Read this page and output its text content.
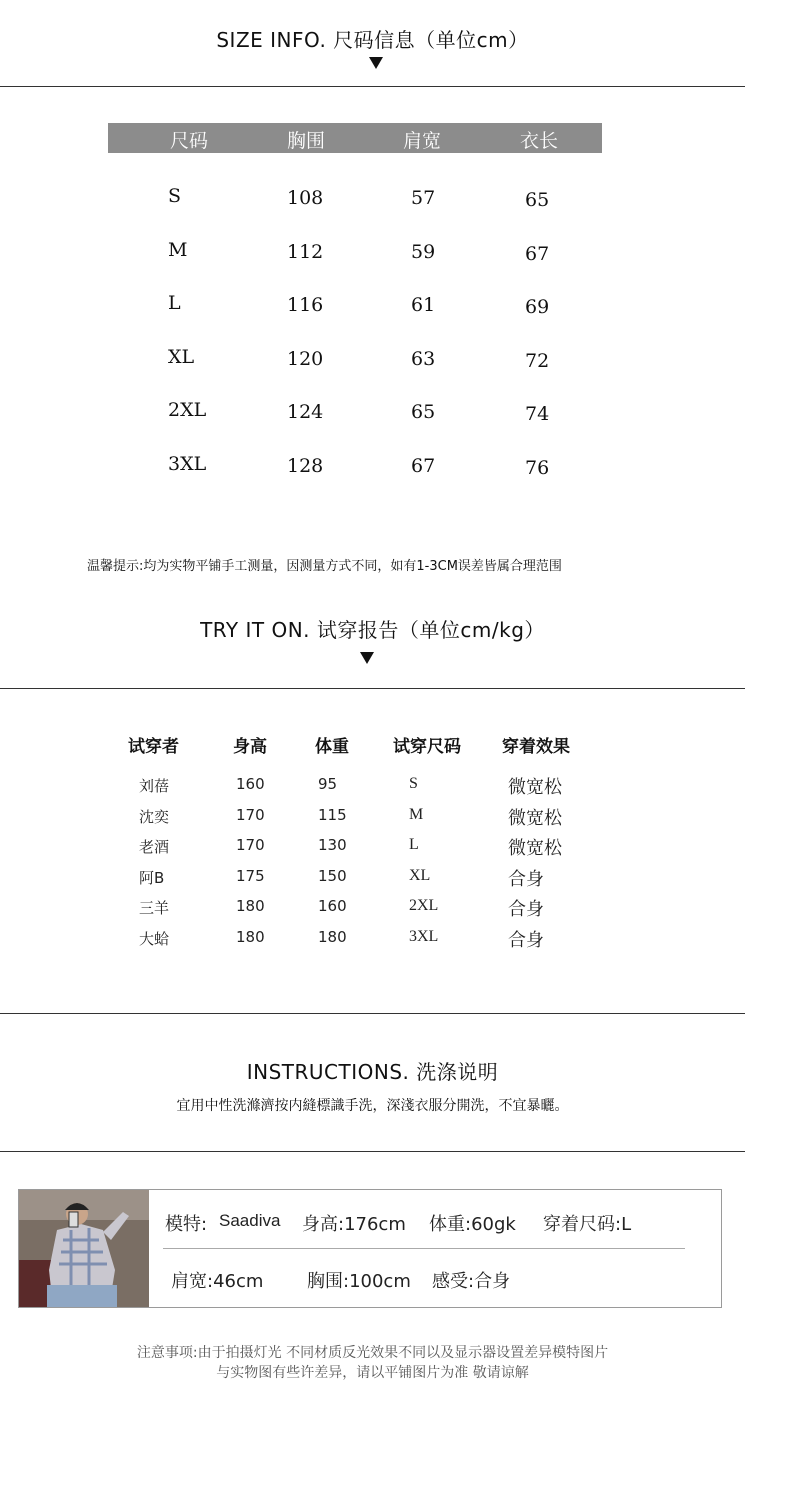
SIZE INFO. 尺码信息（单位cm）
尺码	胸围	肩宽	衣长
S	108	57	65
M	112	59	67
L	116	61	69
XL	120	63	72
2XL	124	65	74
3XL	128	67	76
温馨提示:均为实物平铺手工测量，因测量方式不同，如有1-3CM误差皆属合理范围
TRY IT ON. 试穿报告（单位cm/kg）
试穿者	身高	体重	试穿尺码 穿着效果
刘蓓	160	95	S	微宽松
沈奕	170	115	M	微宽松
老酒	170	130	L	微宽松
阿B	175	150	XL	合身
三羊	180	160	2XL	合身
大蛤	180	180	3XL	合身
INSTRUCTIONS. 洗涤说明
宜用中性洗滌濟按内縫標識手洗，深淺衣服分開洗，不宜暴曬。
模特: Saadiva 身高:176cm 体重:60gk 穿着尺码:L
肩宽:46cm 胸围:100cm 感受:合身
注意事项:由于拍摄灯光 不同材质反光效果不同以及显示器设置差异模特图片
与实物图有些许差异，请以平铺图片为准 敬请谅解
